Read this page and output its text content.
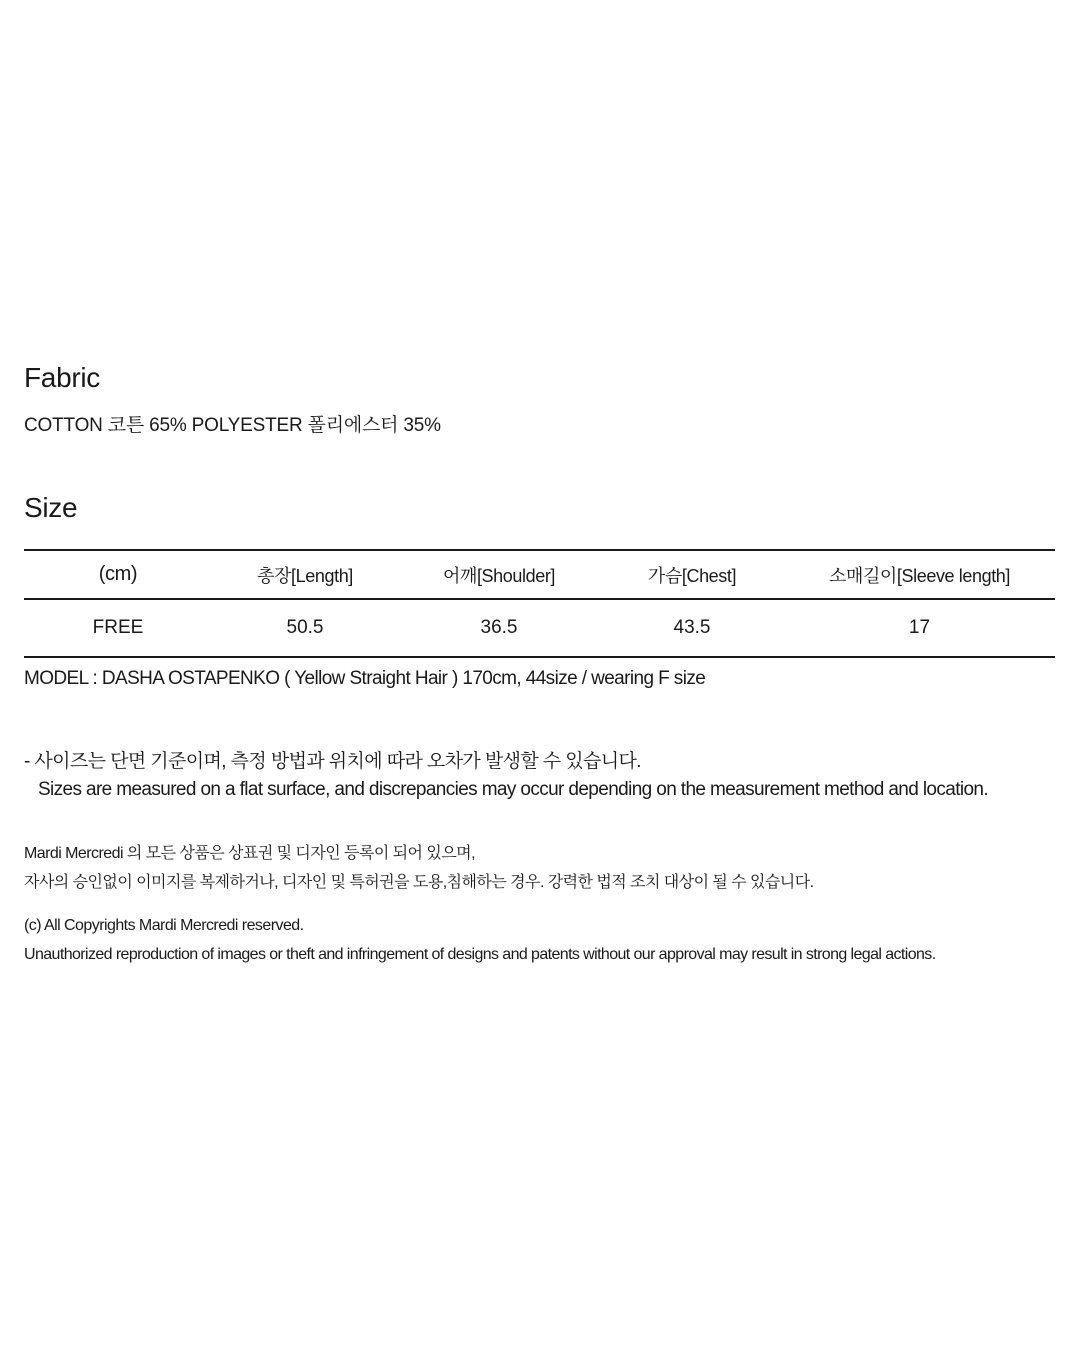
Fabric
COTTON 코튼 65% POLYESTER 폴리에스터 35%
Size
(cm)	총장[Length]	어깨[Shoulder]	가슴[Chest]	소매길이[Sleeve length]
FREE	50.5	36.5	43.5	17
MODEL : DASHA OSTAPENKO ( Yellow Straight Hair ) 170cm, 44size / wearing F size
- 사이즈는 단면 기준이며, 측정 방법과 위치에 따라 오차가 발생할 수 있습니다.
Sizes are measured on a flat surface, and discrepancies may occur depending on the measurement method and location.
Mardi Mercredi 의 모든 상품은 상표권 및 디자인 등록이 되어 있으며,
자사의 승인없이 이미지를 복제하거나, 디자인 및 특허권을 도용,침해하는 경우. 강력한 법적 조치 대상이 될 수 있습니다.
(c) All Copyrights Mardi Mercredi reserved.
Unauthorized reproduction of images or theft and infringement of designs and patents without our approval may result in strong legal actions.
